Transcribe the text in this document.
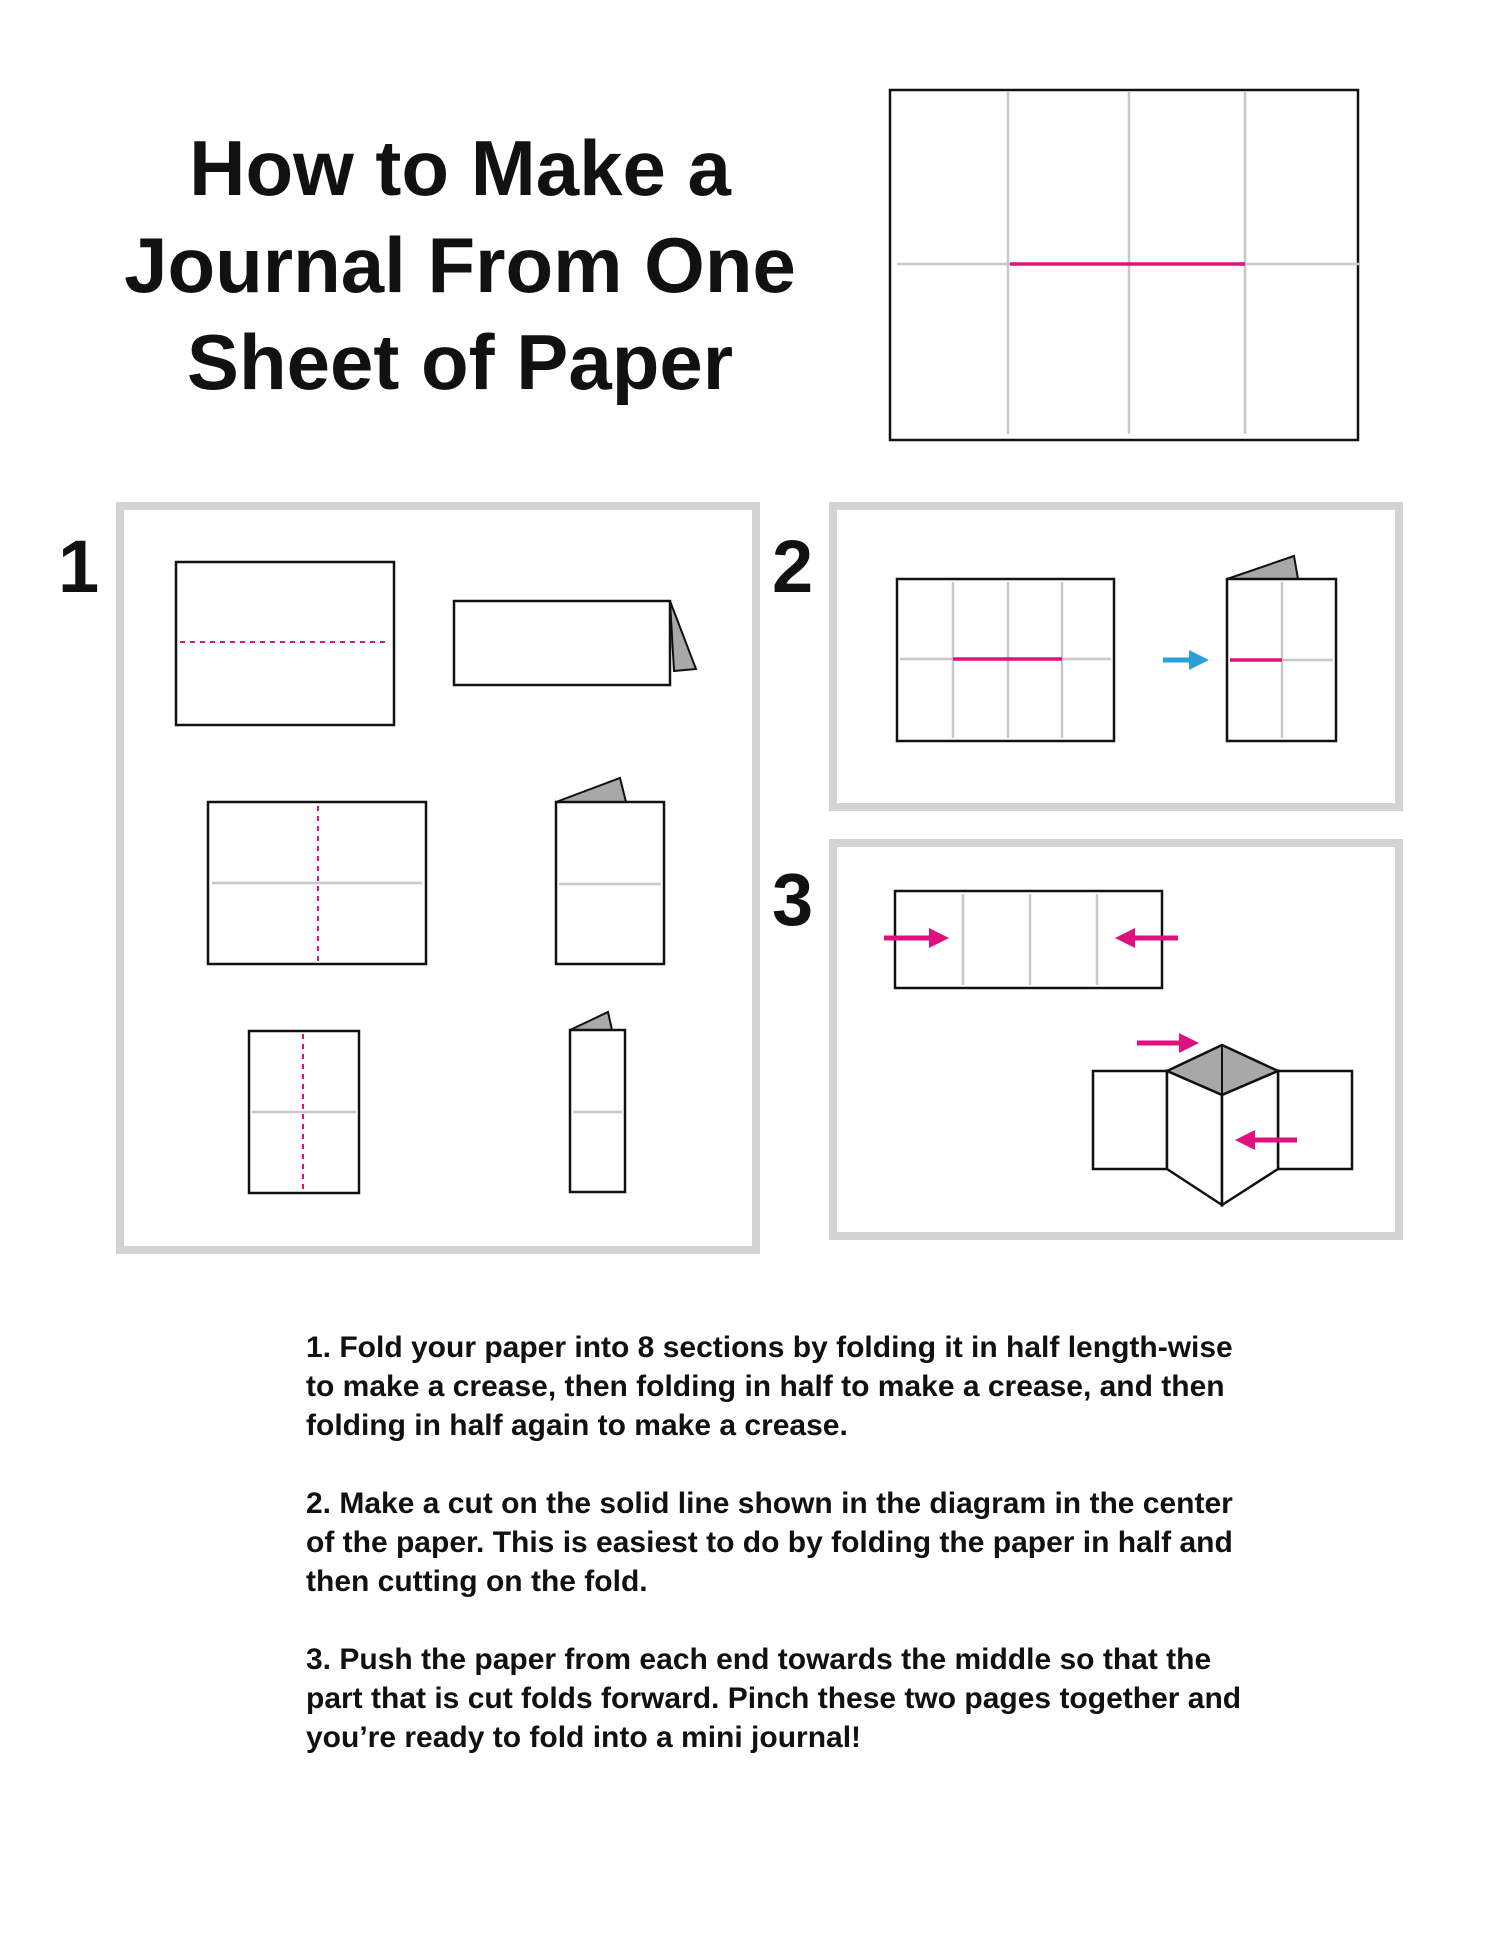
How to Make a
Journal From One
Sheet of Paper
1	2
3

1. Fold your paper into 8 sections by folding it in half length-wise to make a crease, then folding in half to make a crease, and then folding in half again to make a crease.

2. Make a cut on the solid line shown in the diagram in the center of the paper. This is easiest to do by folding the paper in half and then cutting on the fold.

3. Push the paper from each end towards the middle so that the part that is cut folds forward. Pinch these two pages together and you’re ready to fold into a mini journal!
